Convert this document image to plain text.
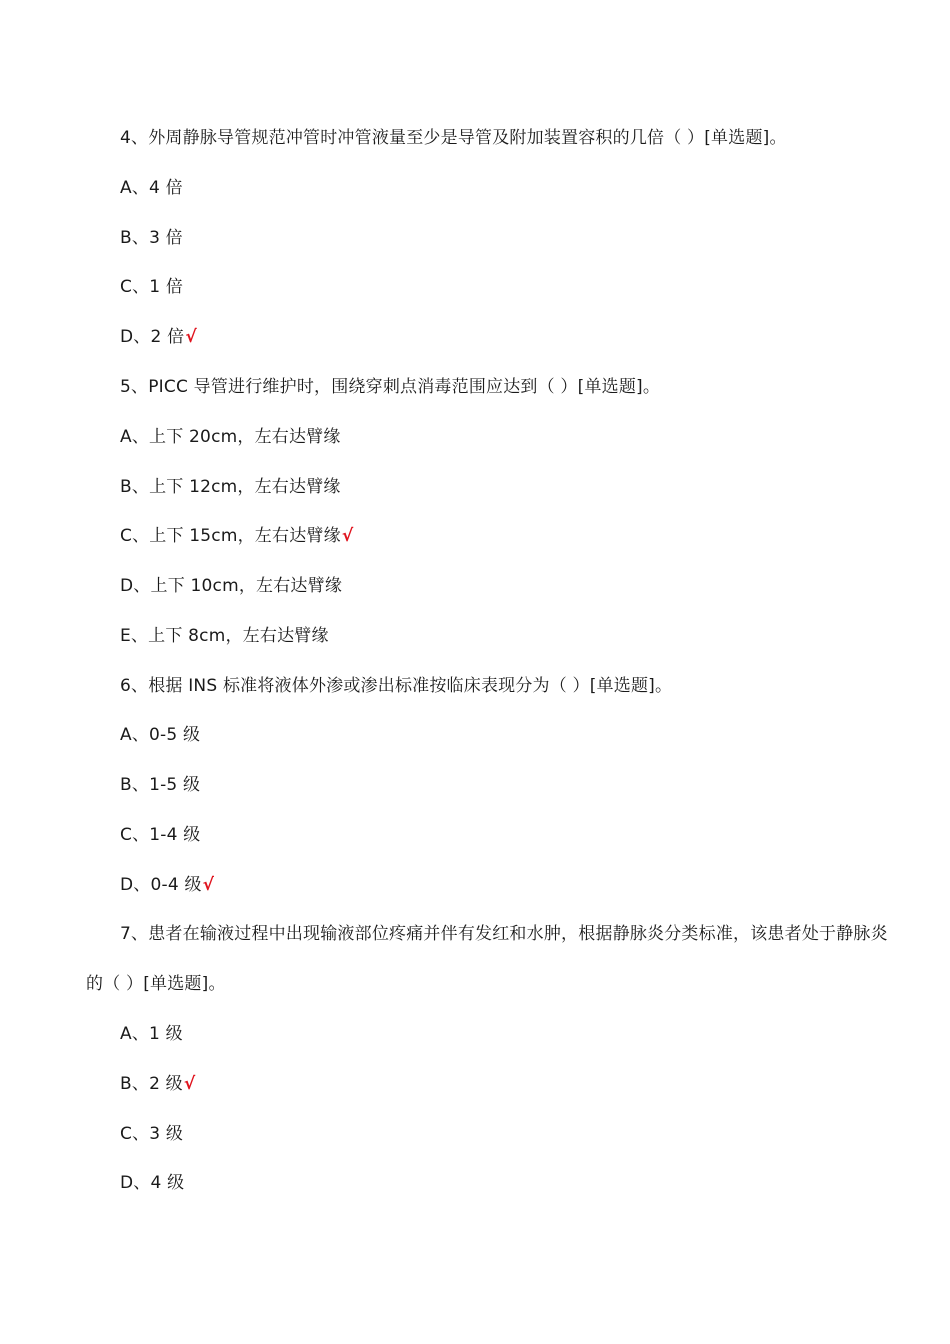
4、外周静脉导管规范冲管时冲管液量至少是导管及附加装置容积的几倍（ ）[单选题]。
A、4 倍
B、3 倍
C、1 倍
D、2 倍√
5、PICC 导管进行维护时，围绕穿刺点消毒范围应达到（ ）[单选题]。
A、上下 20cm，左右达臂缘
B、上下 12cm，左右达臂缘
C、上下 15cm，左右达臂缘√
D、上下 10cm，左右达臂缘
E、上下 8cm，左右达臂缘
6、根据 INS 标准将液体外渗或渗出标准按临床表现分为（ ）[单选题]。
A、0-5 级
B、1-5 级
C、1-4 级
D、0-4 级√
7、患者在输液过程中出现输液部位疼痛并伴有发红和水肿，根据静脉炎分类标准，该患者处于静脉炎
的（ ）[单选题]。
A、1 级
B、2 级√
C、3 级
D、4 级
